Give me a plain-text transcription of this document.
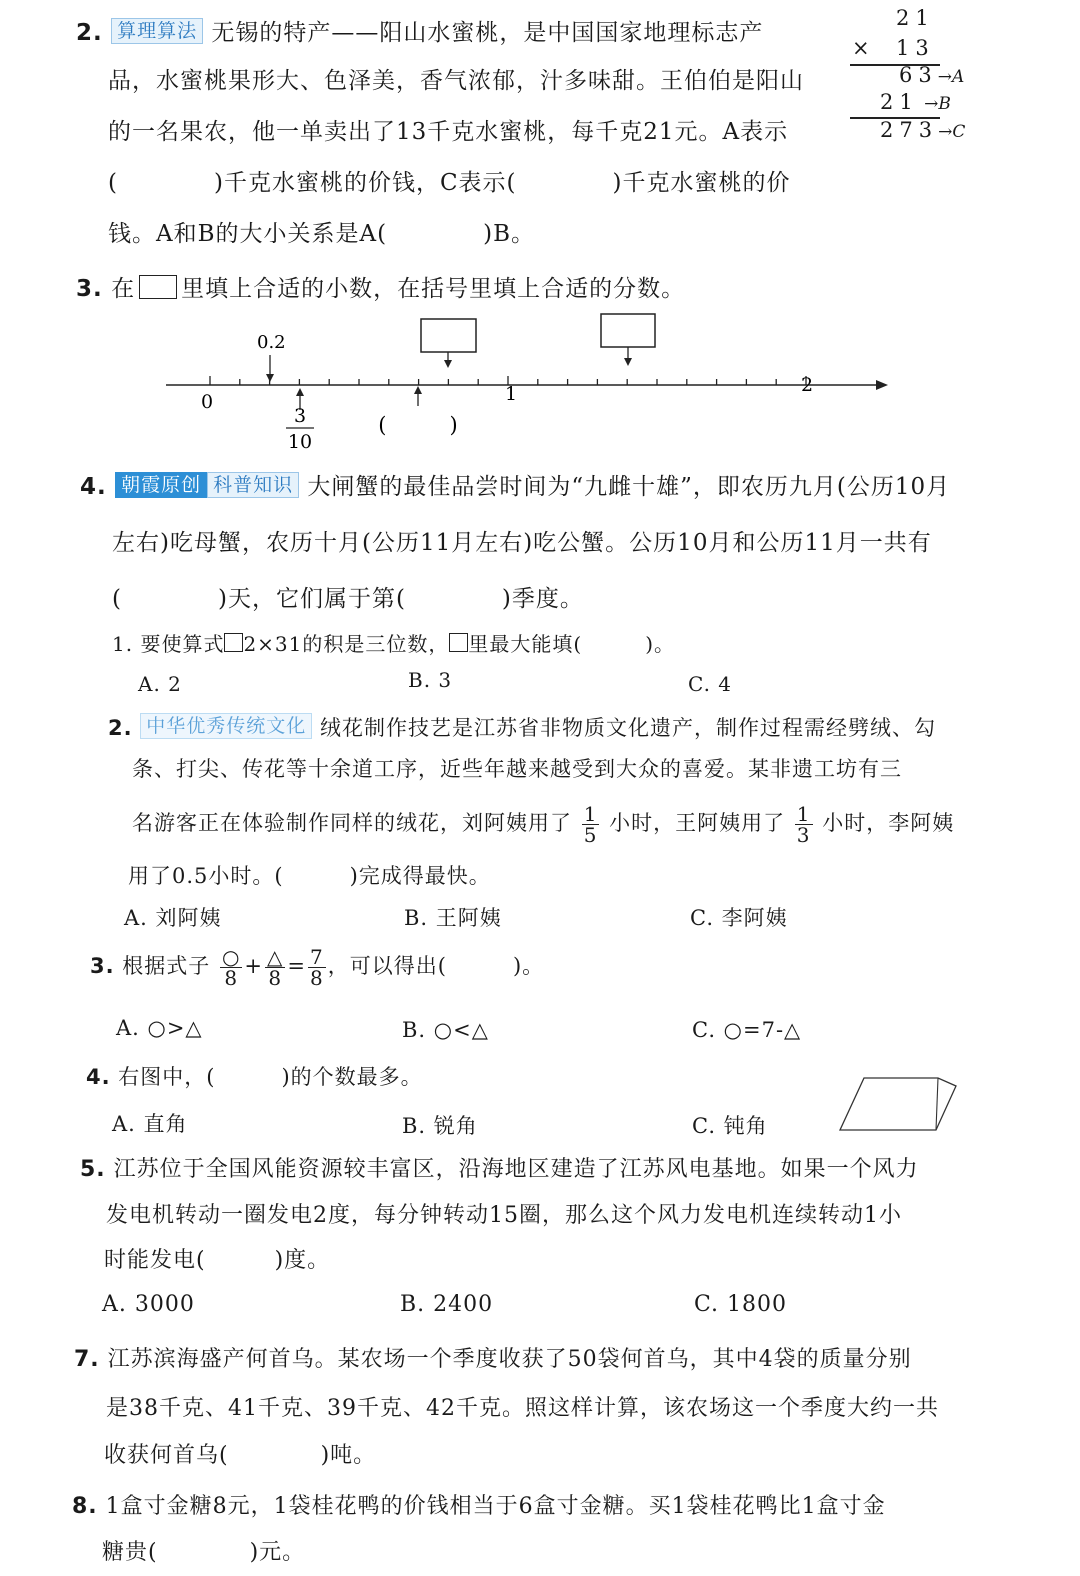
2. 算理算法 无锡的特产——阳山水蜜桃，是中国国家地理标志产
品，水蜜桃果形大、色泽美，香气浓郁，汁多味甜。王伯伯是阳山
的一名果农，他一单卖出了13千克水蜜桃，每千克21元。A表示
(　　　　)千克水蜜桃的价钱，C表示(　　　　)千克水蜜桃的价
钱。A和B的大小关系是A(　　　　)B。
21
× 13
63→A
21 →B
273→C
3. 在 里填上合适的小数，在括号里填上合适的分数。
0	1	2
0.2
3
10
(　　　)
4. 朝霞原创 科普知识 大闸蟹的最佳品尝时间为“九雌十雄”，即农历九月(公历10月
左右)吃母蟹，农历十月(公历11月左右)吃公蟹。公历10月和公历11月一共有
(　　　　)天，它们属于第(　　　　)季度。
1. 要使算式 2×31的积是三位数， 里最大能填(　　　)。
A. 2	B. 3	C. 4
2. 中华优秀传统文化 绒花制作技艺是江苏省非物质文化遗产，制作过程需经劈绒、勾
条、打尖、传花等十余道工序，近些年越来越受到大众的喜爱。某非遗工坊有三
名游客正在体验制作同样的绒花，刘阿姨用了 $\frac{1}{5}$ 小时，王阿姨用了 $\frac{1}{3}$ 小时，李阿姨
用了0.5小时。(　　　)完成得最快。
A. 刘阿姨	B. 王阿姨	C. 李阿姨
3. 根据式子 $\frac{○}{8} + \frac{\triangle}{8} = \frac{7}{8}$ ，可以得出(　　　)。
A. ○>△	B. ○<△	C. ○=7-△
4. 右图中，(　　　)的个数最多。
A. 直角	B. 锐角	C. 钝角
5. 江苏位于全国风能资源较丰富区，沿海地区建造了江苏风电基地。如果一个风力
发电机转动一圈发电2度，每分钟转动15圈，那么这个风力发电机连续转动1小
时能发电(　　　)度。
A. 3000	B. 2400	C. 1800
7. 江苏滨海盛产何首乌。某农场一个季度收获了50袋何首乌，其中4袋的质量分别
是38千克、41千克、39千克、42千克。照这样计算，该农场这一个季度大约一共
收获何首乌(　　　　)吨。
8. 1盒寸金糖8元，1袋桂花鸭的价钱相当于6盒寸金糖。买1袋桂花鸭比1盒寸金
糖贵(　　　　)元。
